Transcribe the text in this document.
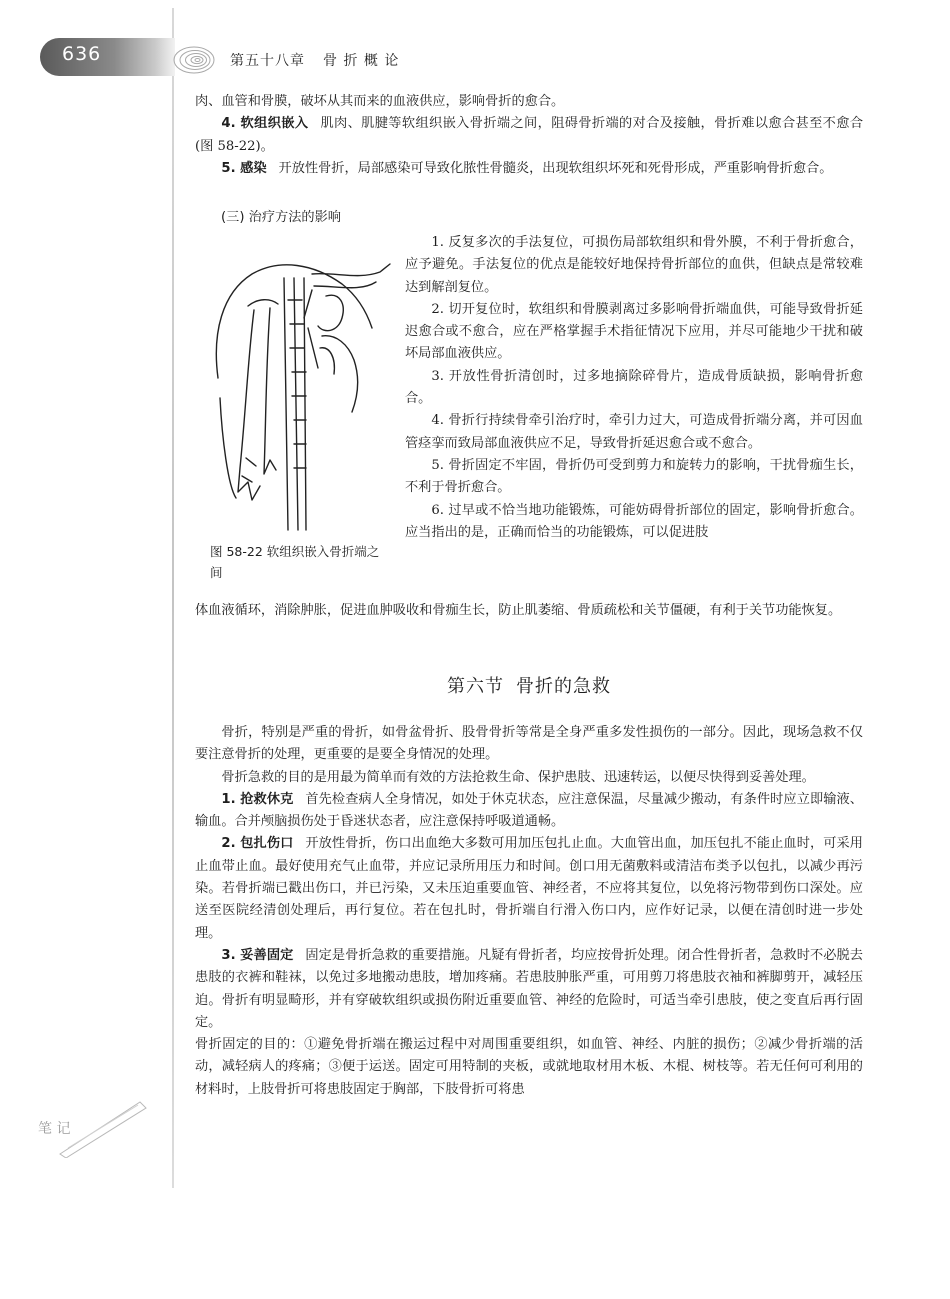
636	第五十八章 骨 折 概 论

肉、血管和骨膜，破坏从其而来的血液供应，影响骨折的愈合。

4. 软组织嵌入 肌肉、肌腱等软组织嵌入骨折端之间，阻碍骨折端的对合及接触，骨折难以愈合甚至不愈合(图 58-22)。

5. 感染 开放性骨折，局部感染可导致化脓性骨髓炎，出现软组织坏死和死骨形成，严重影响骨折愈合。

(三) 治疗方法的影响
图 58-22 软组织嵌入骨折端之间

1. 反复多次的手法复位，可损伤局部软组织和骨外膜，不利于骨折愈合，应予避免。手法复位的优点是能较好地保持骨折部位的血供，但缺点是常较难达到解剖复位。

2. 切开复位时，软组织和骨膜剥离过多影响骨折端血供，可能导致骨折延迟愈合或不愈合，应在严格掌握手术指征情况下应用，并尽可能地少干扰和破坏局部血液供应。

3. 开放性骨折清创时，过多地摘除碎骨片，造成骨质缺损，影响骨折愈合。

4. 骨折行持续骨牵引治疗时，牵引力过大，可造成骨折端分离，并可因血管痉挛而致局部血液供应不足，导致骨折延迟愈合或不愈合。

5. 骨折固定不牢固，骨折仍可受到剪力和旋转力的影响，干扰骨痂生长，不利于骨折愈合。

6. 过早或不恰当地功能锻炼，可能妨碍骨折部位的固定，影响骨折愈合。应当指出的是，正确而恰当的功能锻炼，可以促进肢

体血液循环，消除肿胀，促进血肿吸收和骨痂生长，防止肌萎缩、骨质疏松和关节僵硬，有利于关节功能恢复。

第六节 骨折的急救

骨折，特别是严重的骨折，如骨盆骨折、股骨骨折等常是全身严重多发性损伤的一部分。因此，现场急救不仅要注意骨折的处理，更重要的是要全身情况的处理。

骨折急救的目的是用最为简单而有效的方法抢救生命、保护患肢、迅速转运，以便尽快得到妥善处理。

1. 抢救休克 首先检查病人全身情况，如处于休克状态，应注意保温，尽量减少搬动，有条件时应立即输液、输血。合并颅脑损伤处于昏迷状态者，应注意保持呼吸道通畅。

2. 包扎伤口 开放性骨折，伤口出血绝大多数可用加压包扎止血。大血管出血，加压包扎不能止血时，可采用止血带止血。最好使用充气止血带，并应记录所用压力和时间。创口用无菌敷料或清洁布类予以包扎，以减少再污染。若骨折端已戳出伤口，并已污染，又未压迫重要血管、神经者，不应将其复位，以免将污物带到伤口深处。应送至医院经清创处理后，再行复位。若在包扎时，骨折端自行滑入伤口内，应作好记录，以便在清创时进一步处理。

3. 妥善固定 固定是骨折急救的重要措施。凡疑有骨折者，均应按骨折处理。闭合性骨折者，急救时不必脱去患肢的衣裤和鞋袜，以免过多地搬动患肢，增加疼痛。若患肢肿胀严重，可用剪刀将患肢衣袖和裤脚剪开，减轻压迫。骨折有明显畸形，并有穿破软组织或损伤附近重要血管、神经的危险时，可适当牵引患肢，使之变直后再行固定。

骨折固定的目的：①避免骨折端在搬运过程中对周围重要组织，如血管、神经、内脏的损伤；②减少骨折端的活动，减轻病人的疼痛；③便于运送。固定可用特制的夹板，或就地取材用木板、木棍、树枝等。若无任何可利用的材料时，上肢骨折可将患肢固定于胸部，下肢骨折可将患

笔 记
